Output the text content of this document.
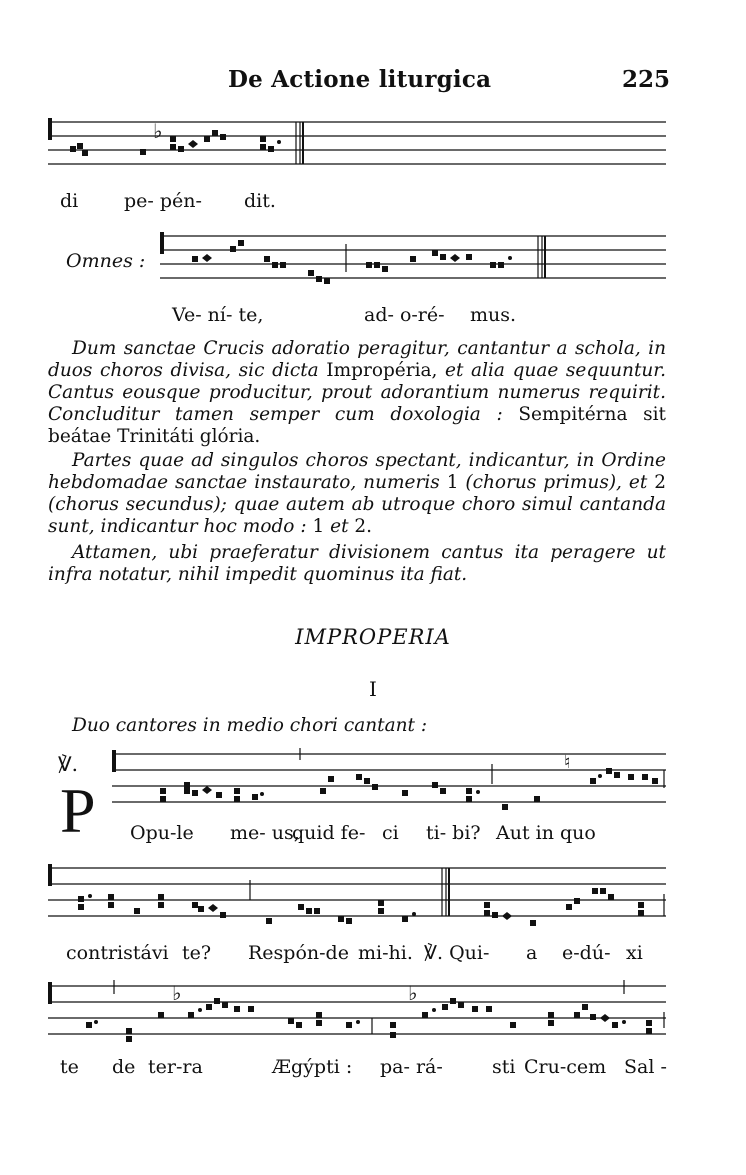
De Actione liturgica	225
♭
di pe- pén- dit.
Omnes :
Ve- ní- te,	ad- o-ré- mus.

Dum sanctae Crucis adoratio peragitur, cantantur a schola, in duos choros divisa, sic dicta Impropéria, et alia quae sequuntur. Cantus eousque producitur, prout adorantium numerus requirit. Concluditur tamen semper cum doxologia : Sempitérna sit beátae Trinitáti glória.

Partes quae ad singulos choros spectant, indicantur, in Ordine hebdomadae sanctae instaurato, numeris 1 (chorus primus), et 2 (chorus secundus); quae autem ab utroque choro simul cantanda sunt, indicantur hoc modo : 1 et 2.

Attamen, ubi praeferatur divisionem cantus ita peragere ut infra notatur, nihil impedit quominus ita fiat.

IMPROPERIA
I
Duo cantores in medio chori cantant :
℣.
P
♮
Opu-le me- us,
quid fe- ci ti- bi? Aut in quo
contristávi te? Respón-de mi-hi. ℣. Qui- a e-dú- xi
♭	♭
te de ter-ra	Ægýpti : pa- rá-	sti Cru-cem Sal -
